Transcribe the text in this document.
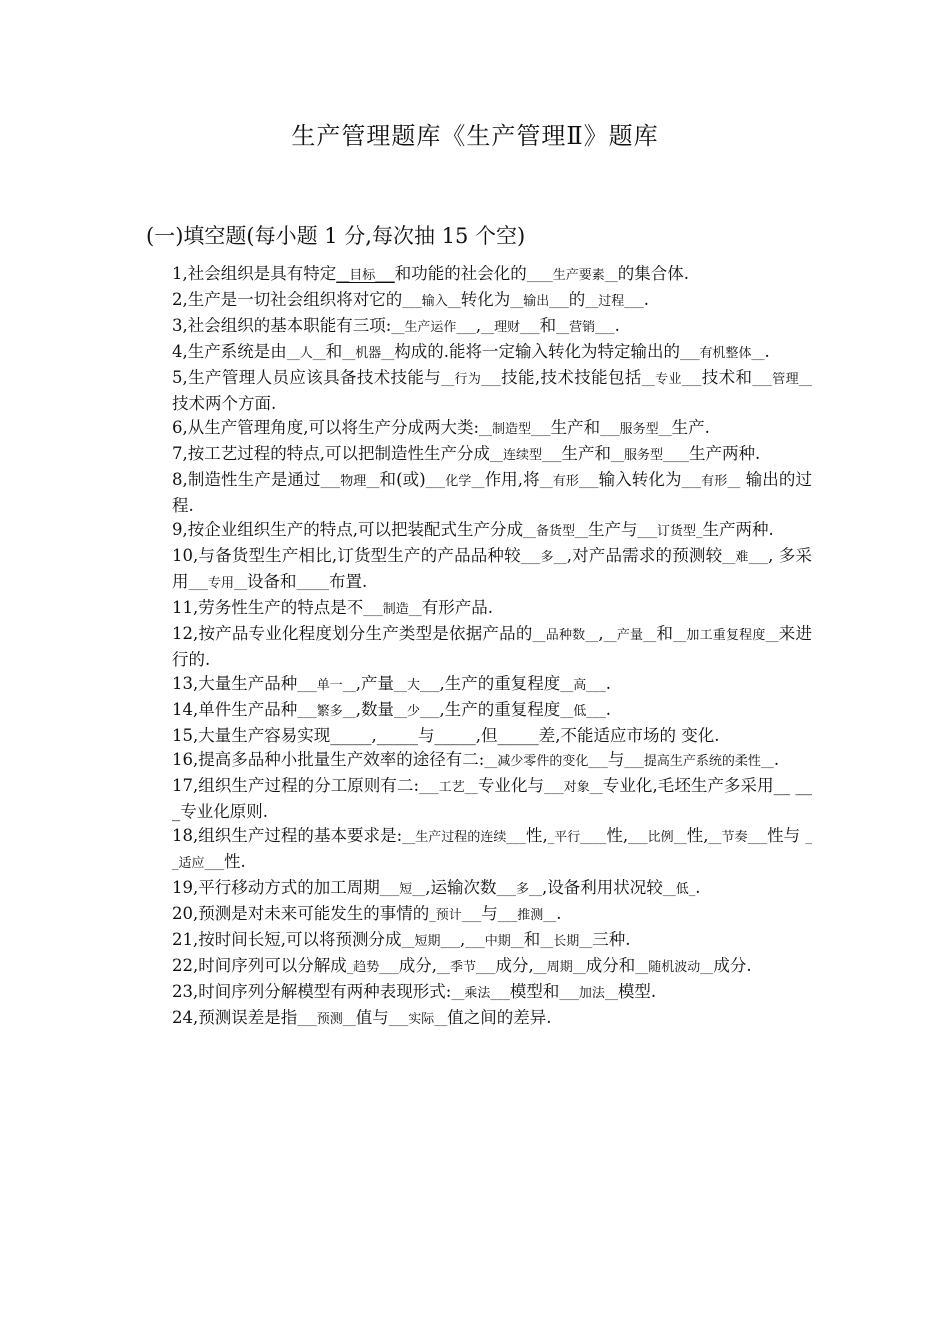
生产管理题库《生产管理Ⅱ》题库
(一)填空题(每小题 1 分,每次抽 15 个空)
1,社会组织是具有特定__目标___和功能的社会化的____生产要素__的集合体.
2,生产是一切社会组织将对它的___输入__转化为__输出___的__过程___.
3,社会组织的基本职能有三项:__生产运作___,__理财___和__营销___.
4,生产系统是由__人__和__机器__构成的.能将一定输入转化为特定输出的___有机整体__.
5,生产管理人员应该具备技术技能与__行为___技能,技术技能包括__专业___技术和___管理__技术两个方面.
6,从生产管理角度,可以将生产分成两大类:__制造型___生产和___服务型__生产.
7,按工艺过程的特点,可以把制造性生产分成__连续型___生产和__服务型____生产两种.
8,制造性生产是通过___物理__和(或)___化学__作用,将__有形___输入转化为___有形__ 输出的过程.
9,按企业组织生产的特点,可以把装配式生产分成__备货型__生产与___订货型_生产两种.
10,与备货型生产相比,订货型生产的产品品种较___多__,对产品需求的预测较__难___, 多采用___专用__设备和_____布置.
11,劳务性生产的特点是不___制造__有形产品.
12,按产品专业化程度划分生产类型是依据产品的__品种数__,__产量__和__加工重复程度__来进行的.
13,大量生产品种___单一__,产量__大___,生产的重复程度__高___.
14,单件生产品种___繁多__,数量__少___,生产的重复程度__低___.
15,大量生产容易实现_____,_____与_____,但_____差,不能适应市场的 变化.
16,提高多品种小批量生产效率的途径有二:__减少零件的变化___与___提高生产系统的柔性__.
17,组织生产过程的分工原则有二:___工艺__专业化与___对象__专业化,毛坯生产多采用__ ___专业化原则.
18,组织生产过程的基本要求是:__生产过程的连续___性,_平行____性,___比例__性,__节奏___性与 __适应___性.
19,平行移动方式的加工周期___短__,运输次数___多__,设备利用状况较__低_.
20,预测是对未来可能发生的事情的_预计___与___推测__.
21,按时间长短,可以将预测分成__短期___,___中期__和__长期__三种.
22,时间序列可以分解成_趋势___成分,__季节___成分,__周期__成分和__随机波动__成分.
23,时间序列分解模型有两种表现形式:__乘法___模型和___加法__模型.
24,预测误差是指___预测__值与___实际__值之间的差异.
